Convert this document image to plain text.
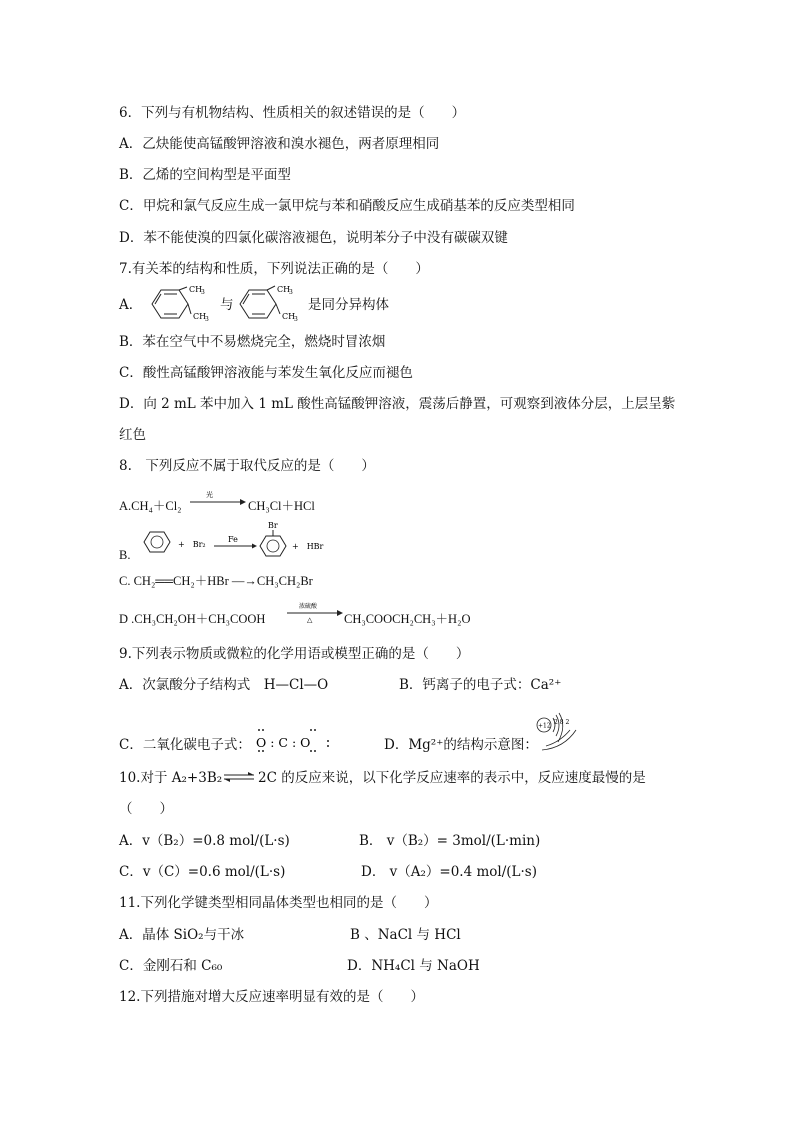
6．下列与有机物结构、性质相关的叙述错误的是（　　）
A．乙炔能使高锰酸钾溶液和溴水褪色，两者原理相同
B．乙烯的空间构型是平面型
C．甲烷和氯气反应生成一氯甲烷与苯和硝酸反应生成硝基苯的反应类型相同
D．苯不能使溴的四氯化碳溶液褪色，说明苯分子中没有碳碳双键
7.有关苯的结构和性质，下列说法正确的是（　　）
A．
CH
3
CH
3
与
CH
3
CH
3
是同分异构体
B．苯在空气中不易燃烧完全，燃烧时冒浓烟
C．酸性高锰酸钾溶液能与苯发生氧化反应而褪色
D．向 2 mL 苯中加入 1 mL 酸性高锰酸钾溶液，震荡后静置，可观察到液体分层，上层呈紫
红色
8.　下列反应不属于取代反应的是（　　）
A.CH₄＋Cl₂
光
CH₃Cl＋HCl
B.
+　Br₂
Fe
Br
+　HBr
C. CH₂══CH₂＋HBr —→CH₃CH₂Br
D .CH₃CH₂OH＋CH₃COOH
浓硫酸
△	CH₃COOCH₂CH₃＋H₂O
9.下列表示物质或微粒的化学用语或模型正确的是（　　）
A．次氯酸分子结构式　H—Cl—O	B．钙离子的电子式：Ca²⁺
C．二氧化碳电子式： O : C : O	D．Mg²⁺的结构示意图：
+12 2 8 2
10.对于 A₂+3B₂ ⇌ 2C 的反应来说，以下化学反应速率的表示中，反应速度最慢的是
（　　）
A．v（B₂）=0.8 mol/(L·s)	B． v（B₂）= 3mol/(L·min)
C．v（C）=0.6 mol/(L·s)	D． v（A₂）=0.4 mol/(L·s)
11.下列化学键类型相同晶体类型也相同的是（　　）
A．晶体 SiO₂与干冰	B 、NaCl 与 HCl
C．金刚石和 C₆₀	D．NH₄Cl 与 NaOH
12.下列措施对增大反应速率明显有效的是（　　）
